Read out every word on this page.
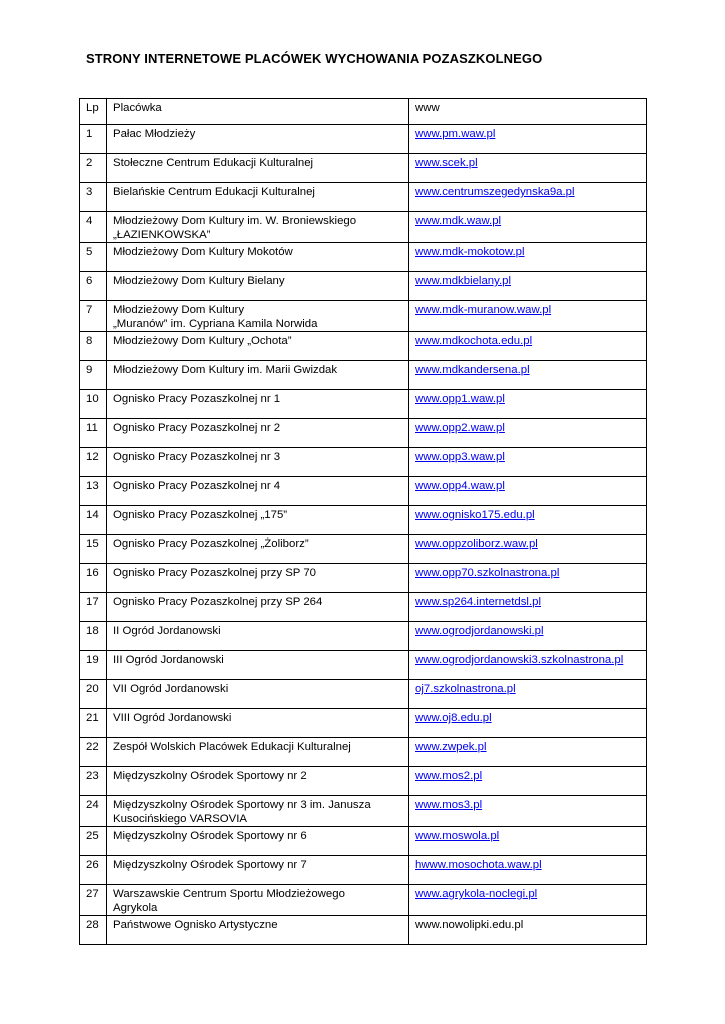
STRONY INTERNETOWE PLACÓWEK WYCHOWANIA POZASZKOLNEGO
Lp	Placówka	www
1	Pałac Młodzieży	www.pm.waw.pl
2	Stołeczne Centrum Edukacji Kulturalnej	www.scek.pl
3	Bielańskie Centrum Edukacji Kulturalnej	www.centrumszegedynska9a.pl
4	Młodzieżowy Dom Kultury im. W. Broniewskiego
„ŁAZIENKOWSKA”	www.mdk.waw.pl
5	Młodzieżowy Dom Kultury Mokotów	www.mdk-mokotow.pl
6	Młodzieżowy Dom Kultury Bielany	www.mdkbielany.pl
7	Młodzieżowy Dom Kultury
„Muranów” im. Cypriana Kamila Norwida	www.mdk-muranow.waw.pl
8	Młodzieżowy Dom Kultury „Ochota”	www.mdkochota.edu.pl
9	Młodzieżowy Dom Kultury im. Marii Gwizdak	www.mdkandersena.pl
10	Ognisko Pracy Pozaszkolnej nr 1	www.opp1.waw.pl
11	Ognisko Pracy Pozaszkolnej nr 2	www.opp2.waw.pl
12	Ognisko Pracy Pozaszkolnej nr 3	www.opp3.waw.pl
13	Ognisko Pracy Pozaszkolnej nr 4	www.opp4.waw.pl
14	Ognisko Pracy Pozaszkolnej „175”	www.ognisko175.edu.pl
15	Ognisko Pracy Pozaszkolnej „Żoliborz”	www.oppzoliborz.waw.pl
16	Ognisko Pracy Pozaszkolnej przy SP 70	www.opp70.szkolnastrona.pl
17	Ognisko Pracy Pozaszkolnej przy SP 264	www.sp264.internetdsl.pl
18	II Ogród Jordanowski	www.ogrodjordanowski.pl
19	III Ogród Jordanowski	www.ogrodjordanowski3.szkolnastrona.pl
20	VII Ogród Jordanowski	oj7.szkolnastrona.pl
21	VIII Ogród Jordanowski	www.oj8.edu.pl
22	Zespół Wolskich Placówek Edukacji Kulturalnej	www.zwpek.pl
23	Międzyszkolny Ośrodek Sportowy nr 2	www.mos2.pl
24	Międzyszkolny Ośrodek Sportowy nr 3 im. Janusza
Kusocińskiego VARSOVIA	www.mos3.pl
25	Międzyszkolny Ośrodek Sportowy nr 6	www.moswola.pl
26	Międzyszkolny Ośrodek Sportowy nr 7	hwww.mosochota.waw.pl
27	Warszawskie Centrum Sportu Młodzieżowego
Agrykola	www.agrykola-noclegi.pl
28	Państwowe Ognisko Artystyczne	www.nowolipki.edu.pl
